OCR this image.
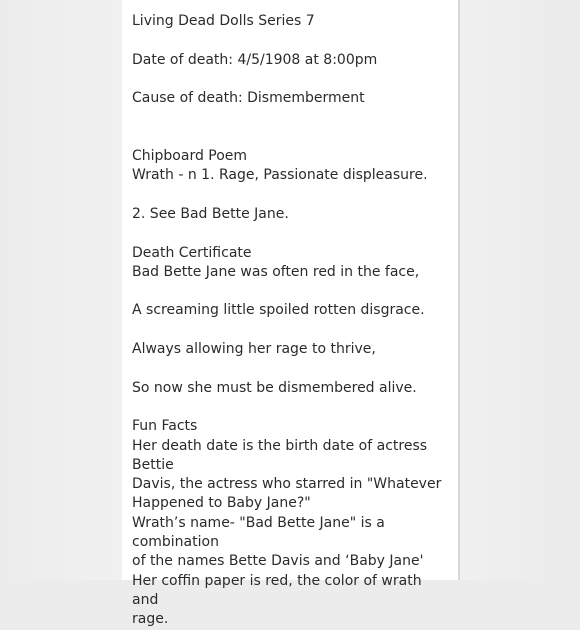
Living Dead Dolls Series 7
Date of death: 4/5/1908 at 8:00pm
Cause of death: Dismemberment
Chipboard Poem
Wrath - n 1. Rage, Passionate displeasure.
2. See Bad Bette Jane.
Death Certificate
Bad Bette Jane was often red in the face,
A screaming little spoiled rotten disgrace.
Always allowing her rage to thrive,
So now she must be dismembered alive.
Fun Facts
Her death date is the birth date of actress Bettie
Davis, the actress who starred in "Whatever
Happened to Baby Jane?"
Wrath’s name- "Bad Bette Jane" is a combination
of the names Bette Davis and ‘Baby Jane'
Her coffin paper is red, the color of wrath and
rage.
